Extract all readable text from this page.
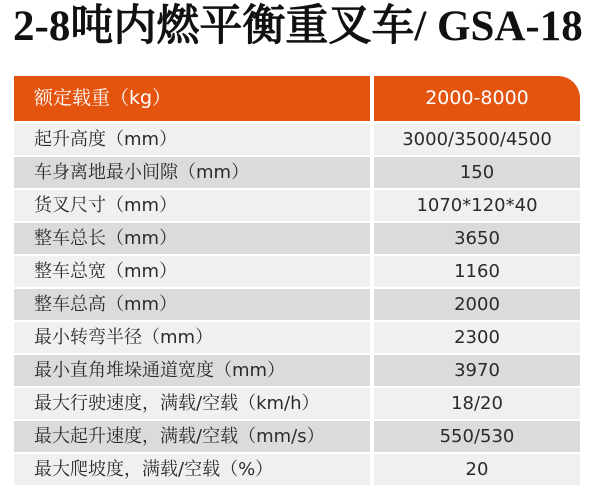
2-8吨内燃平衡重叉车/ GSA-18
额定载重（kg）	2000-8000
起升高度（mm）	3000/3500/4500
车身离地最小间隙（mm）	150
货叉尺寸（mm）	1070*120*40
整车总长（mm）	3650
整车总宽（mm）	1160
整车总高（mm）	2000
最小转弯半径（mm）	2300
最小直角堆垛通道宽度（mm）	3970
最大行驶速度，满载/空载（km/h）	18/20
最大起升速度，满载/空载（mm/s）	550/530
最大爬坡度，满载/空载（%）	20
